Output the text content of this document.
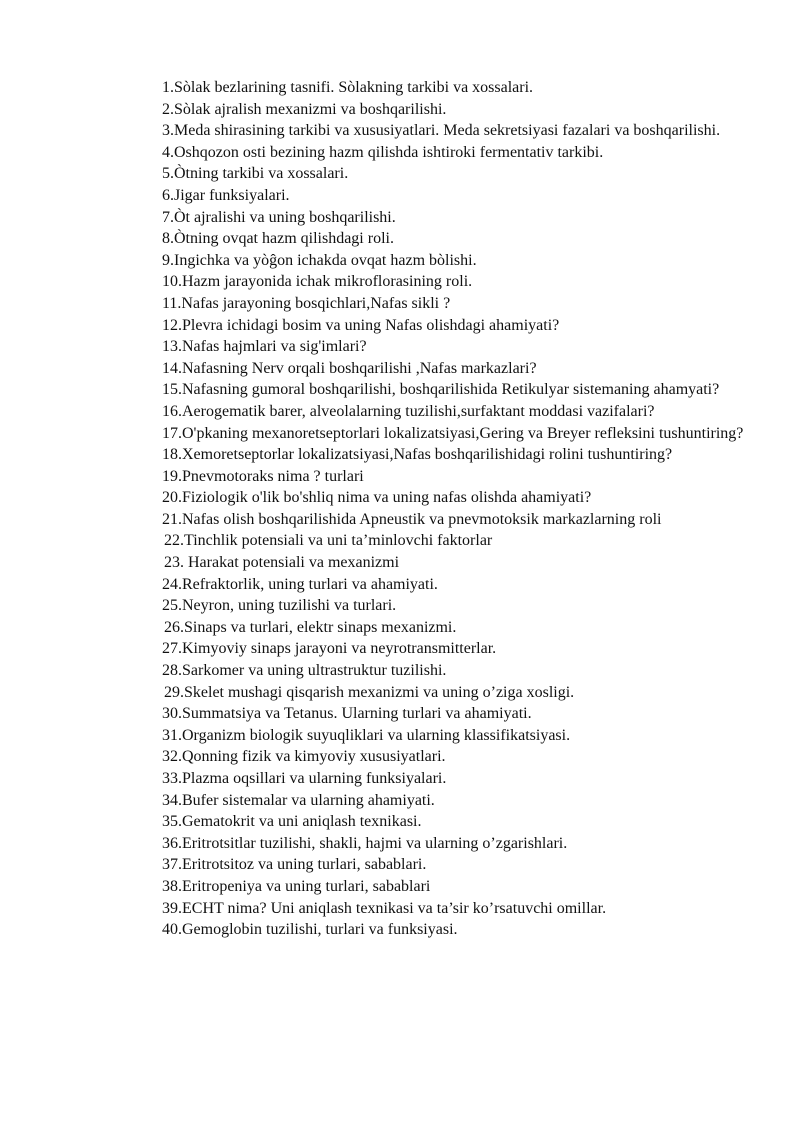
1.Sòlak bezlarining tasnifi. Sòlakning tarkibi va xossalari.
2.Sòlak ajralish mexanizmi va boshqarilishi.
3.Meda shirasining tarkibi va xususiyatlari. Meda sekretsiyasi fazalari va boshqarilishi.
4.Oshqozon osti bezining hazm qilishda ishtiroki fermentativ tarkibi.
5.Òtning tarkibi va xossalari.
6.Jigar funksiyalari.
7.Òt ajralishi va uning boshqarilishi.
8.Òtning ovqat hazm qilishdagi roli.
9.Ingichka va yòĝon ichakda ovqat hazm bòlishi.
10.Hazm jarayonida ichak mikroflorasining roli.
11.Nafas jarayoning bosqichlari,Nafas sikli ?
12.Plevra ichidagi bosim va uning Nafas olishdagi ahamiyati?
13.Nafas hajmlari va sig'imlari?
14.Nafasning Nerv orqali boshqarilishi ,Nafas markazlari?
15.Nafasning gumoral boshqarilishi, boshqarilishida Retikulyar sistemaning ahamyati?
16.Aerogematik barer, alveolalarning tuzilishi,surfaktant moddasi vazifalari?
17.O'pkaning mexanoretseptorlari lokalizatsiyasi,Gering va Breyer refleksini tushuntiring?
18.Xemoretseptorlar lokalizatsiyasi,Nafas boshqarilishidagi rolini tushuntiring?
19.Pnevmotoraks nima ? turlari
20.Fiziologik o'lik bo'shliq nima va uning nafas olishda ahamiyati?
21.Nafas olish boshqarilishida Apneustik va pnevmotoksik markazlarning roli
22.Tinchlik potensiali va uni ta’minlovchi faktorlar
23. Harakat potensiali va mexanizmi
24.Refraktorlik, uning turlari va ahamiyati.
25.Neyron, uning tuzilishi va turlari.
26.Sinaps va turlari, elektr sinaps mexanizmi.
27.Kimyoviy sinaps jarayoni va neyrotransmitterlar.
28.Sarkomer va uning ultrastruktur tuzilishi.
29.Skelet mushagi qisqarish mexanizmi va uning o’ziga xosligi.
30.Summatsiya va Tetanus. Ularning turlari va ahamiyati.
31.Organizm biologik suyuqliklari va ularning klassifikatsiyasi.
32.Qonning fizik va kimyoviy xususiyatlari.
33.Plazma oqsillari va ularning funksiyalari.
34.Bufer sistemalar va ularning ahamiyati.
35.Gematokrit va uni aniqlash texnikasi.
36.Eritrotsitlar tuzilishi, shakli, hajmi va ularning o’zgarishlari.
37.Eritrotsitoz va uning turlari, sabablari.
38.Eritropeniya va uning turlari, sabablari
39.ECHT nima? Uni aniqlash texnikasi va ta’sir ko’rsatuvchi omillar.
40.Gemoglobin tuzilishi, turlari va funksiyasi.
